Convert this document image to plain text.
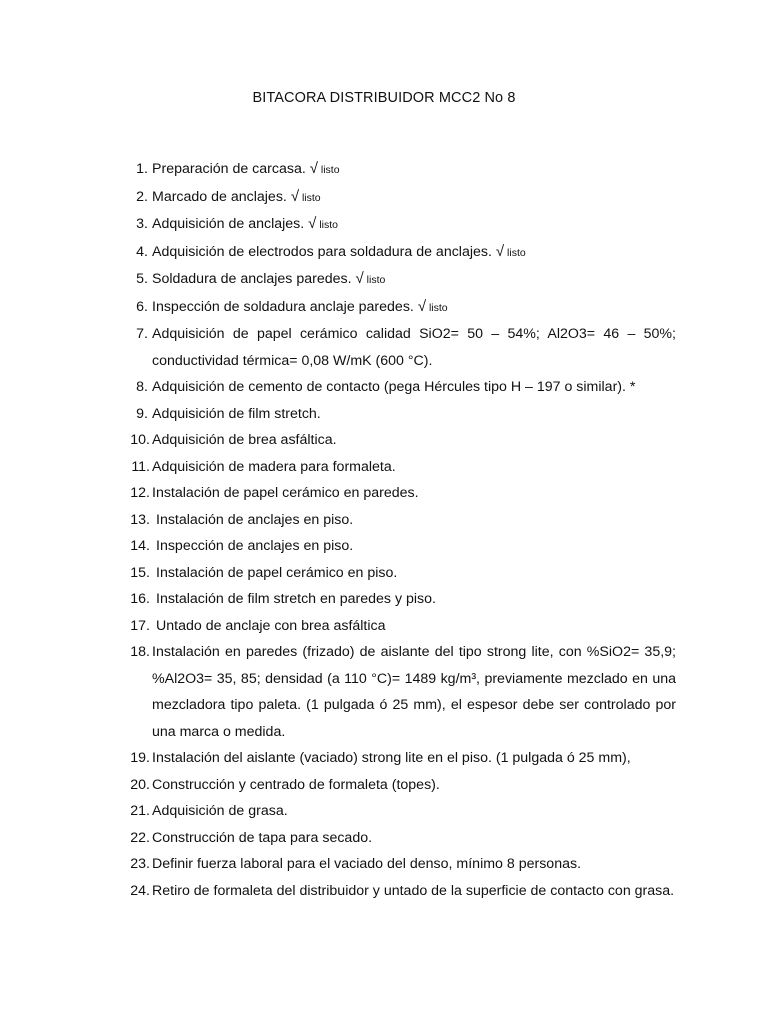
BITACORA DISTRIBUIDOR MCC2 No 8
1. Preparación de carcasa. √ listo
2. Marcado de anclajes. √ listo
3. Adquisición de anclajes. √ listo
4. Adquisición de electrodos para soldadura de anclajes. √ listo
5. Soldadura de anclajes paredes. √ listo
6. Inspección de soldadura anclaje paredes. √ listo
7. Adquisición de papel cerámico calidad SiO2= 50 – 54%; Al2O3= 46 – 50%; conductividad térmica= 0,08 W/mK (600 °C).
8. Adquisición de cemento de contacto (pega Hércules tipo H – 197 o similar). *
9. Adquisición de film stretch.
10. Adquisición de brea asfáltica.
11. Adquisición de madera para formaleta.
12. Instalación de papel cerámico en paredes.
13. Instalación de anclajes en piso.
14. Inspección de anclajes en piso.
15. Instalación de papel cerámico en piso.
16. Instalación de film stretch en paredes y piso.
17. Untado de anclaje con brea asfáltica
18. Instalación en paredes (frizado) de aislante del tipo strong lite, con %SiO2= 35,9; %Al2O3= 35, 85; densidad (a 110 °C)= 1489 kg/m³, previamente mezclado en una mezcladora tipo paleta. (1 pulgada ó 25 mm), el espesor debe ser controlado por una marca o medida.
19. Instalación del aislante (vaciado) strong lite en el piso. (1 pulgada ó 25 mm),
20. Construcción y centrado de formaleta (topes).
21. Adquisición de grasa.
22. Construcción de tapa para secado.
23. Definir fuerza laboral para el vaciado del denso, mínimo 8 personas.
24. Retiro de formaleta del distribuidor y untado de la superficie de contacto con grasa.
